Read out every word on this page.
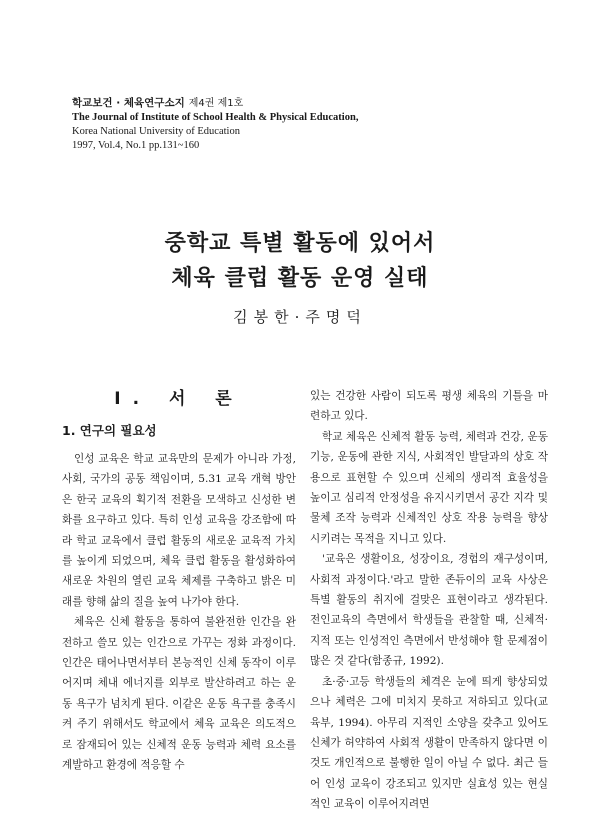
학교보건 · 체육연구소지 제4권 제1호
The Journal of Institute of School Health & Physical Education,
Korea National University of Education
1997, Vol.4, No.1 pp.131~160
중학교 특별 활동에 있어서
체육 클럽 활동 운영 실태
김봉한·주명덕
I. 서 론
1. 연구의 필요성

인성 교육은 학교 교육만의 문제가 아니라 가정, 사회, 국가의 공동 책임이며, 5.31 교육 개혁 방안은 한국 교육의 획기적 전환을 모색하고 신성한 변화를 요구하고 있다. 특히 인성 교육을 강조함에 따라 학교 교육에서 클럽 활동의 새로운 교육적 가치를 높이게 되었으며, 체육 클럽 활동을 활성화하여 새로운 차원의 열린 교육 체제를 구축하고 밝은 미래를 향해 삶의 질을 높여 나가야 한다.

체육은 신체 활동을 통하여 불완전한 인간을 완전하고 쓸모 있는 인간으로 가꾸는 정화 과정이다. 인간은 태어나면서부터 본능적인 신체 동작이 이루어지며 체내 에너지를 외부로 발산하려고 하는 운동 욕구가 넘치게 된다. 이같은 운동 욕구를 충족시켜 주기 위해서도 학교에서 체육 교육은 의도적으로 잠재되어 있는 신체적 운동 능력과 체력 요소를 계발하고 환경에 적응할 수

있는 건강한 사람이 되도록 평생 체육의 기틀을 마련하고 있다.

학교 체육은 신체적 활동 능력, 체력과 건강, 운동 기능, 운동에 관한 지식, 사회적인 발달과의 상호 작용으로 표현할 수 있으며 신체의 생리적 효율성을 높이고 심리적 안정성을 유지시키면서 공간 지각 및 물체 조작 능력과 신체적인 상호 작용 능력을 향상시키려는 목적을 지니고 있다.

'교육은 생활이요, 성장이요, 경험의 재구성이며, 사회적 과정이다.'라고 말한 존듀이의 교육 사상은 특별 활동의 취지에 걸맞은 표현이라고 생각된다. 전인교육의 측면에서 학생들을 관찰할 때, 신체적·지적 또는 인성적인 측면에서 반성해야 할 문제점이 많은 것 같다(함종규, 1992).

초·중·고등 학생들의 체격은 눈에 띄게 향상되었으나 체력은 그에 미치지 못하고 저하되고 있다(교육부, 1994). 아무리 지적인 소양을 갖추고 있어도 신체가 허약하여 사회적 생활이 만족하지 않다면 이것도 개인적으로 불행한 일이 아닐 수 없다. 최근 들어 인성 교육이 강조되고 있지만 실효성 있는 현실적인 교육이 이루어지려면
